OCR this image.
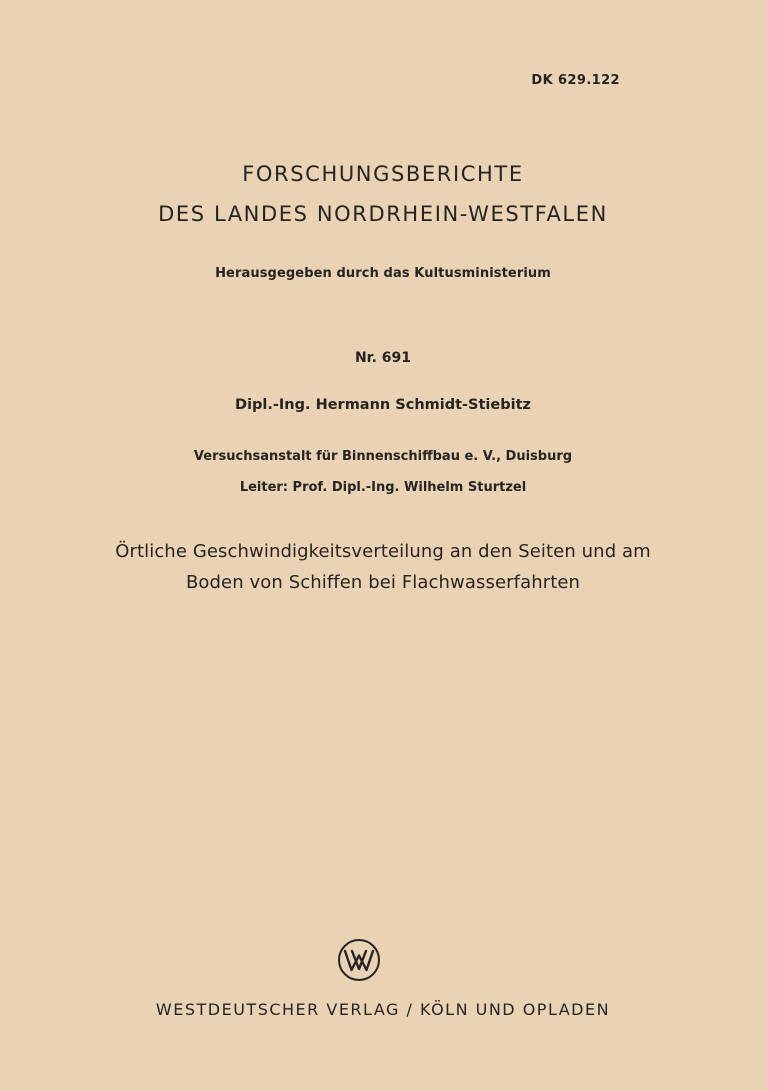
DK 629.122

FORSCHUNGSBERICHTE

DES LANDES NORDRHEIN-WESTFALEN

Herausgegeben durch das Kultusministerium

Nr. 691

Dipl.-Ing. Hermann Schmidt-Stiebitz

Versuchsanstalt für Binnenschiffbau e. V., Duisburg

Leiter: Prof. Dipl.-Ing. Wilhelm Sturtzel

Örtliche Geschwindigkeitsverteilung an den Seiten und am

Boden von Schiffen bei Flachwasserfahrten

WESTDEUTSCHER VERLAG / KÖLN UND OPLADEN
